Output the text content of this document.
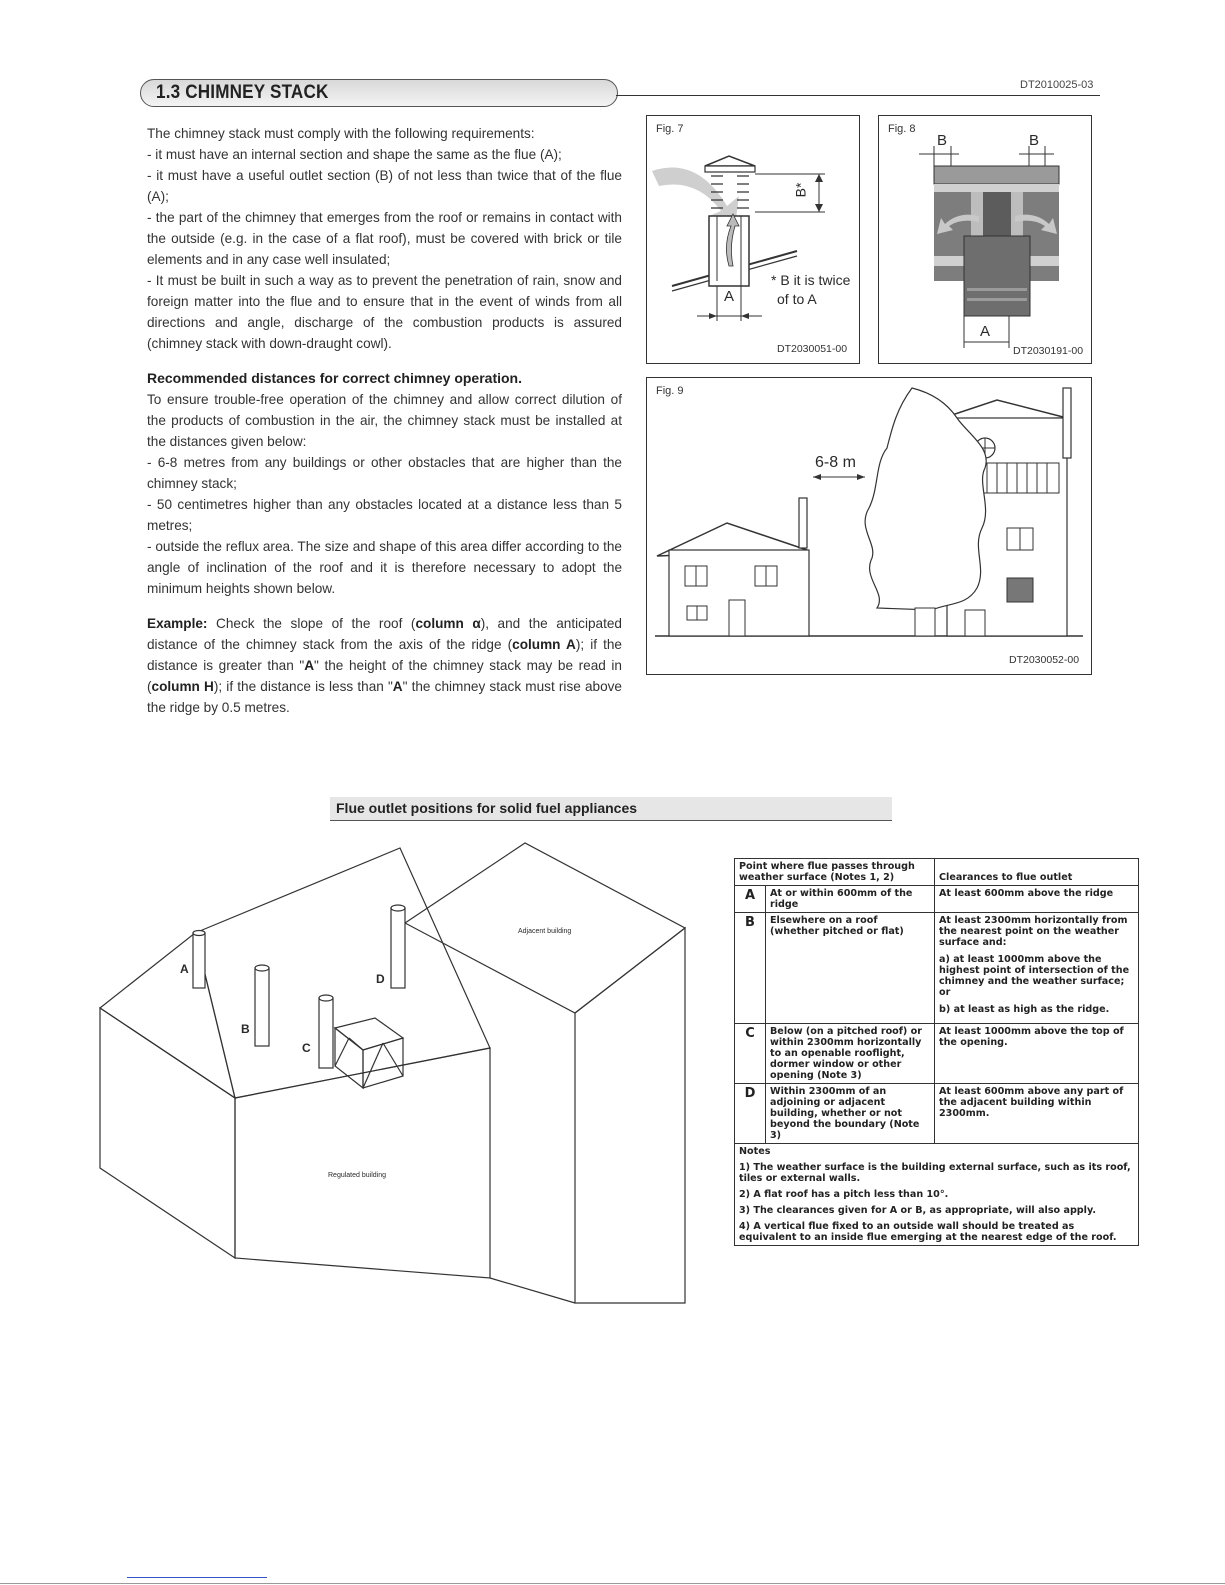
1.3 CHIMNEY STACK	DT2010025-03

The chimney stack must comply with the following requirements:

- it must have an internal section and shape the same as the flue (A);

- it must have a useful outlet section (B) of not less than twice that of the flue (A);

- the part of the chimney that emerges from the roof or remains in contact with the outside (e.g. in the case of a flat roof), must be covered with brick or tile elements and in any case well insulated;

- It must be built in such a way as to prevent the penetration of rain, snow and foreign matter into the flue and to ensure that in the event of winds from all directions and angle, discharge of the combustion products is assured (chimney stack with down-draught cowl).

Recommended distances for correct chimney operation.

To ensure trouble-free operation of the chimney and allow correct dilution of the products of combustion in the air, the chimney stack must be installed at the distances given below:

- 6-8 metres from any buildings or other obstacles that are higher than the chimney stack;

- 50 centimetres higher than any obstacles located at a distance less than 5 metres;

- outside the reflux area. The size and shape of this area differ according to the angle of inclination of the roof and it is therefore necessary to adopt the minimum heights shown below.

Example: Check the slope of the roof (column α), and the anticipated distance of the chimney stack from the axis of the ridge (column A); if the distance is greater than "A" the height of the chimney stack may be read in (column H); if the distance is less than "A" the chimney stack must rise above the ridge by 0.5 metres.

Fig. 7
B*
A
* B it is twice
of to A
DT2030051-00
Fig. 8
B	B
A
DT2030191-00
Fig. 9
6-8 m
DT2030052-00
Flue outlet positions for solid fuel appliances
A
B
C
D
Adjacent building
Regulated building
Point where flue passes through weather surface (Notes 1, 2)		Clearances to flue outlet
A	At or within 600mm of the ridge	At least 600mm above the ridge
B	Elsewhere on a roof (whether pitched or flat)	At least 2300mm horizontally from the nearest point on the weather surface and:

a) at least 1000mm above the highest point of intersection of the chimney and the weather surface; or

b) at least as high as the ridge.

C	Below (on a pitched roof) or within 2300mm horizontally to an openable rooflight, dormer window or other opening (Note 3)	At least 1000mm above the top of the opening.
D	Within 2300mm of an adjoining or adjacent building, whether or not beyond the boundary (Note 3)	At least 600mm above any part of the adjacent building within 2300mm.

Notes

1) The weather surface is the building external surface, such as its roof, tiles or external walls.

2) A flat roof has a pitch less than 10°.

3) The clearances given for A or B, as appropriate, will also apply.

4) A vertical flue fixed to an outside wall should be treated as equivalent to an inside flue emerging at the nearest edge of the roof.		
